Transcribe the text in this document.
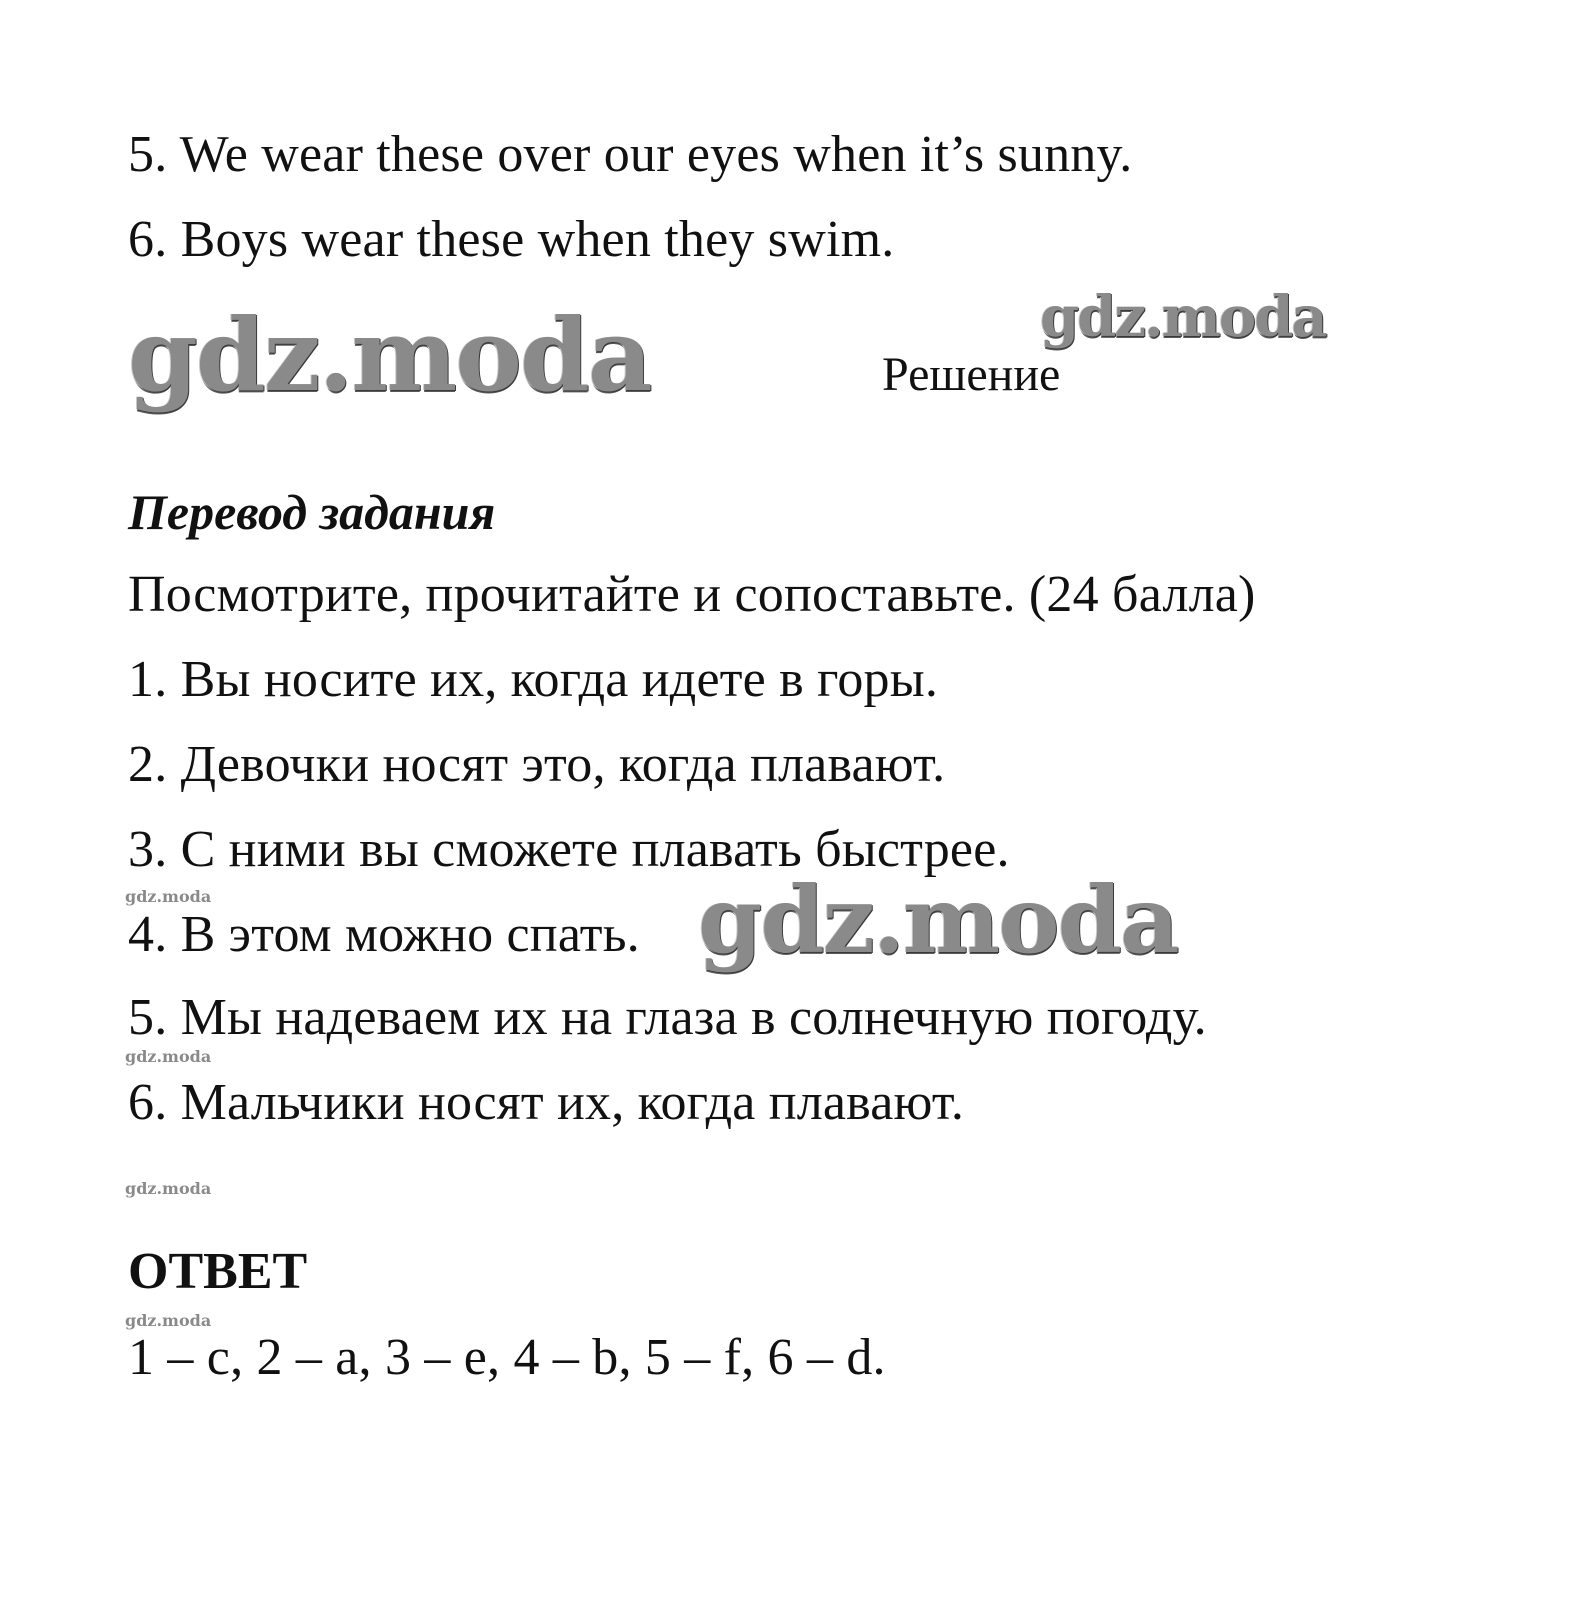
5. We wear these over our eyes when it’s sunny.
6. Boys wear these when they swim.
gdz.moda	gdz.moda
Решение
Перевод задания
Посмотрите, прочитайте и сопоставьте. (24 балла)
1. Вы носите их, когда идете в горы.
2. Девочки носят это, когда плавают.
3. С ними вы сможете плавать быстрее.
gdz.moda
4. В этом можно спать. gdz.moda
5. Мы надеваем их на глаза в солнечную погоду.
gdz.moda
6. Мальчики носят их, когда плавают.
gdz.moda
ОТВЕТ
gdz.moda
1 – c, 2 – a, 3 – e, 4 – b, 5 – f, 6 – d.
